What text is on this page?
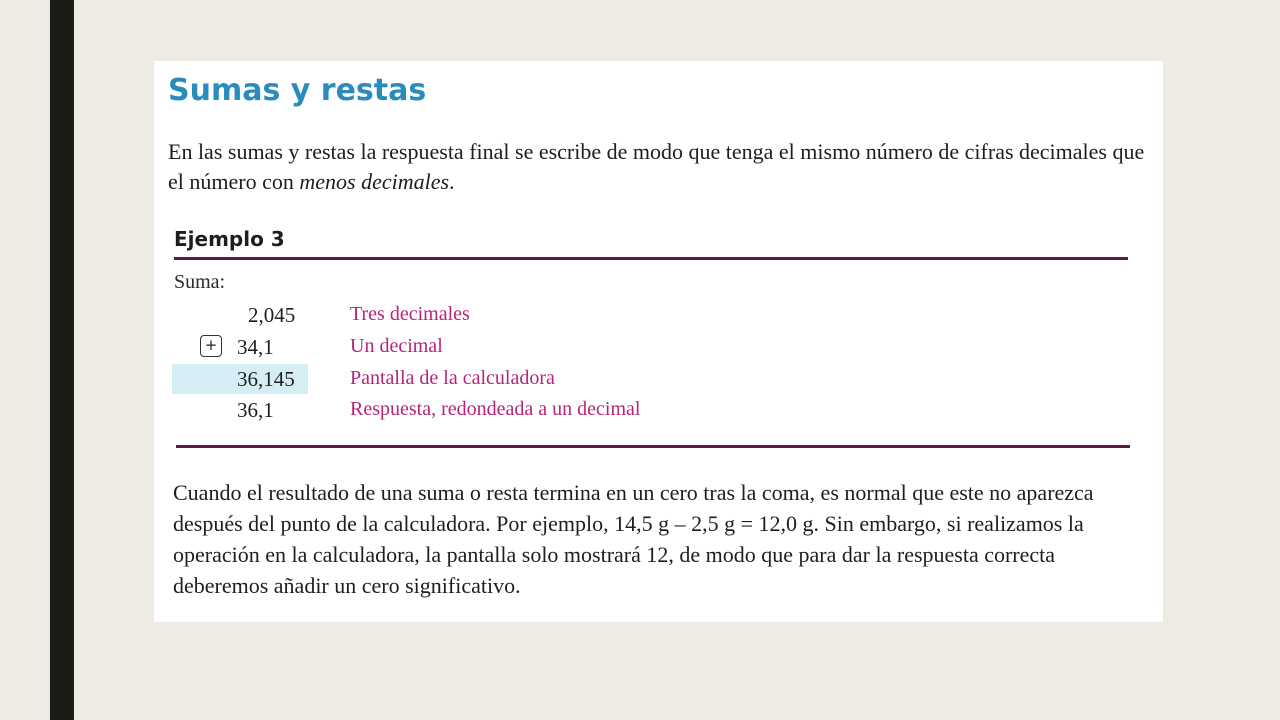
Sumas y restas

En las sumas y restas la respuesta final se escribe de modo que tenga el mismo número de cifras decimales que el número con menos decimales.

Ejemplo 3
Suma:
+
2,045	Tres decimales
34,1	Un decimal
36,145	Pantalla de la calculadora
36,1	Respuesta, redondeada a un decimal

Cuando el resultado de una suma o resta termina en un cero tras la coma, es normal que este no aparezca después del punto de la calculadora. Por ejemplo, 14,5 g – 2,5 g = 12,0 g. Sin embargo, si realizamos la operación en la calculadora, la pantalla solo mostrará 12, de modo que para dar la respuesta correcta deberemos añadir un cero significativo.
